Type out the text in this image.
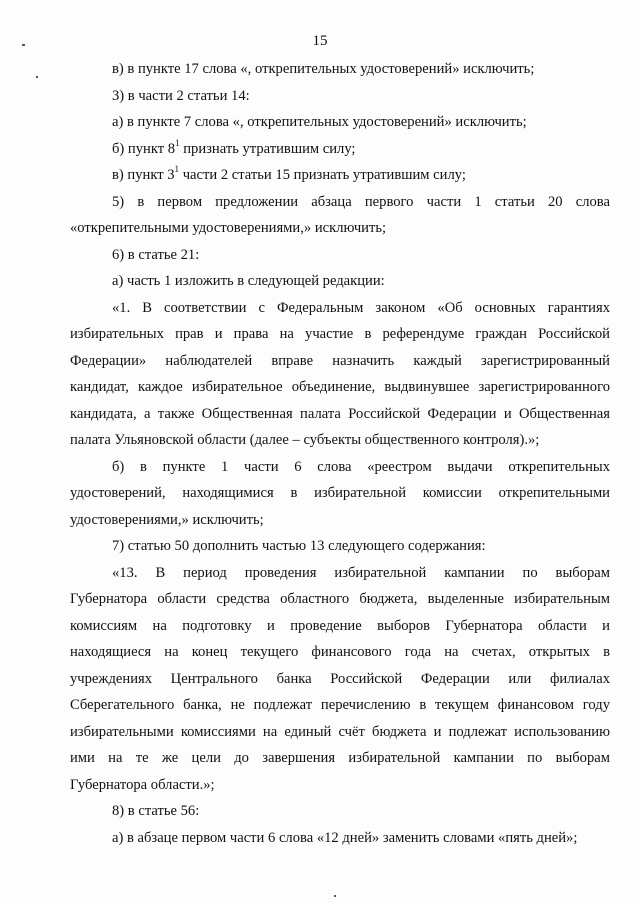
15

в) в пункте 17 слова «, открепительных удостоверений» исключить;

3) в части 2 статьи 14:

а) в пункте 7 слова «, открепительных удостоверений» исключить;

б) пункт $8^1$ признать утратившим силу;

в) пункт $3^1$ части 2 статьи 15 признать утратившим силу;

5) в первом предложении абзаца первого части 1 статьи 20 слова

«открепительными удостоверениями,» исключить;

6) в статье 21:

а) часть 1 изложить в следующей редакции:

«1. В соответствии с Федеральным законом «Об основных гарантиях

избирательных прав и права на участие в референдуме граждан Российской

Федерации» наблюдателей вправе назначить каждый зарегистрированный

кандидат, каждое избирательное объединение, выдвинувшее зарегистрированного

кандидата, а также Общественная палата Российской Федерации и Общественная

палата Ульяновской области (далее – субъекты общественного контроля).»;

б) в пункте 1 части 6 слова «реестром выдачи открепительных

удостоверений, находящимися в избирательной комиссии открепительными

удостоверениями,» исключить;

7) статью 50 дополнить частью 13 следующего содержания:

«13. В период проведения избирательной кампании по выборам

Губернатора области средства областного бюджета, выделенные избирательным

комиссиям на подготовку и проведение выборов Губернатора области и

находящиеся на конец текущего финансового года на счетах, открытых в

учреждениях Центрального банка Российской Федерации или филиалах

Сберегательного банка, не подлежат перечислению в текущем финансовом году

избирательными комиссиями на единый счёт бюджета и подлежат использованию

ими на те же цели до завершения избирательной кампании по выборам

Губернатора области.»;

8) в статье 56:

а) в абзаце первом части 6 слова «12 дней» заменить словами «пять дней»;
